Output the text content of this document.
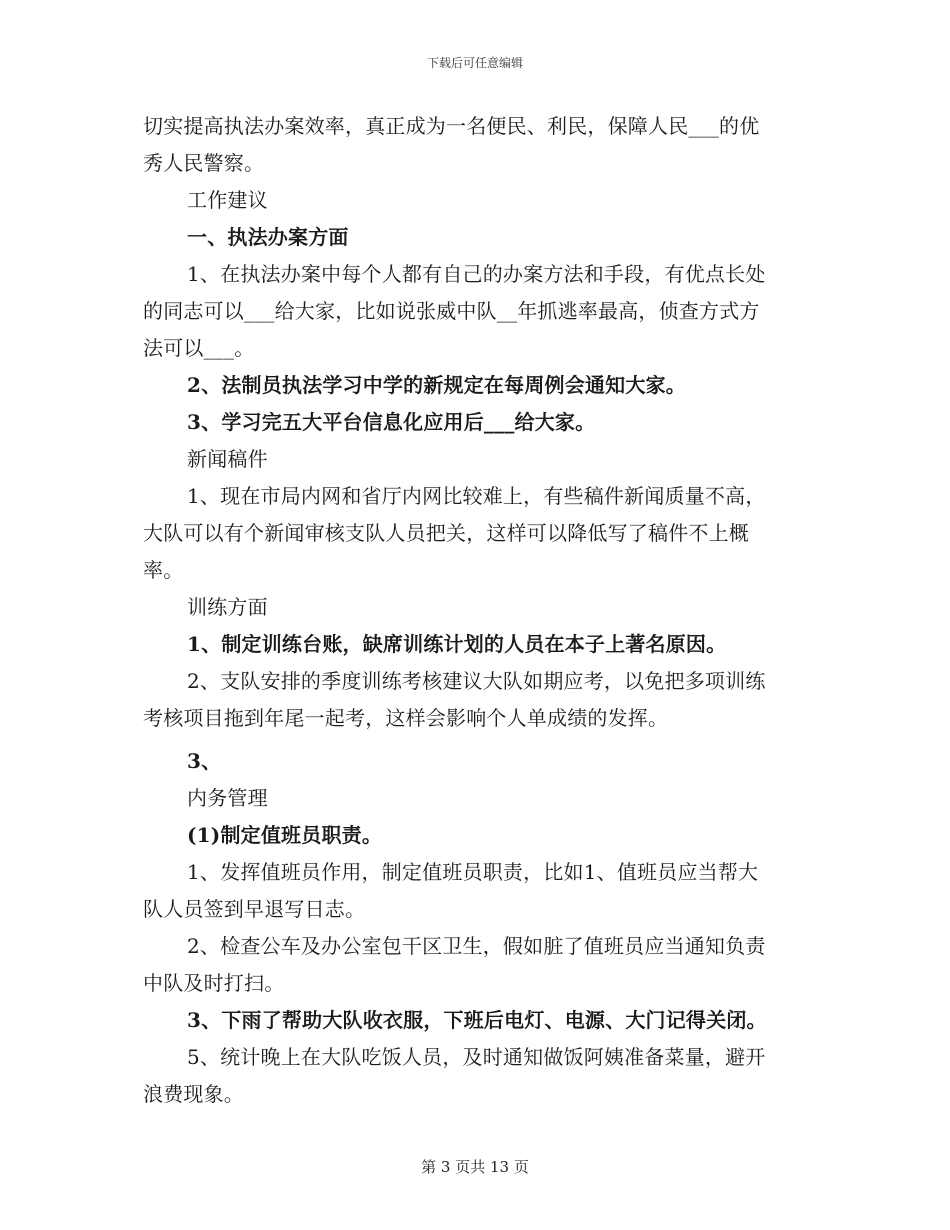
下载后可任意编辑
切实提高执法办案效率，真正成为一名便民、利民，保障人民___的优
秀人民警察。
工作建议
一、执法办案方面
1、在执法办案中每个人都有自己的办案方法和手段，有优点长处
的同志可以___给大家，比如说张威中队__年抓逃率最高，侦查方式方
法可以___。
2、法制员执法学习中学的新规定在每周例会通知大家。
3、学习完五大平台信息化应用后___给大家。
新闻稿件
1、现在市局内网和省厅内网比较难上，有些稿件新闻质量不高，
大队可以有个新闻审核支队人员把关，这样可以降低写了稿件不上概
率。
训练方面
1、制定训练台账，缺席训练计划的人员在本子上著名原因。
2、支队安排的季度训练考核建议大队如期应考，以免把多项训练
考核项目拖到年尾一起考，这样会影响个人单成绩的发挥。
3、
内务管理
(1)制定值班员职责。
1、发挥值班员作用，制定值班员职责，比如1、值班员应当帮大
队人员签到早退写日志。
2、检查公车及办公室包干区卫生，假如脏了值班员应当通知负责
中队及时打扫。
3、下雨了帮助大队收衣服，下班后电灯、电源、大门记得关闭。
5、统计晚上在大队吃饭人员，及时通知做饭阿姨准备菜量，避开
浪费现象。
第 3 页共 13 页
